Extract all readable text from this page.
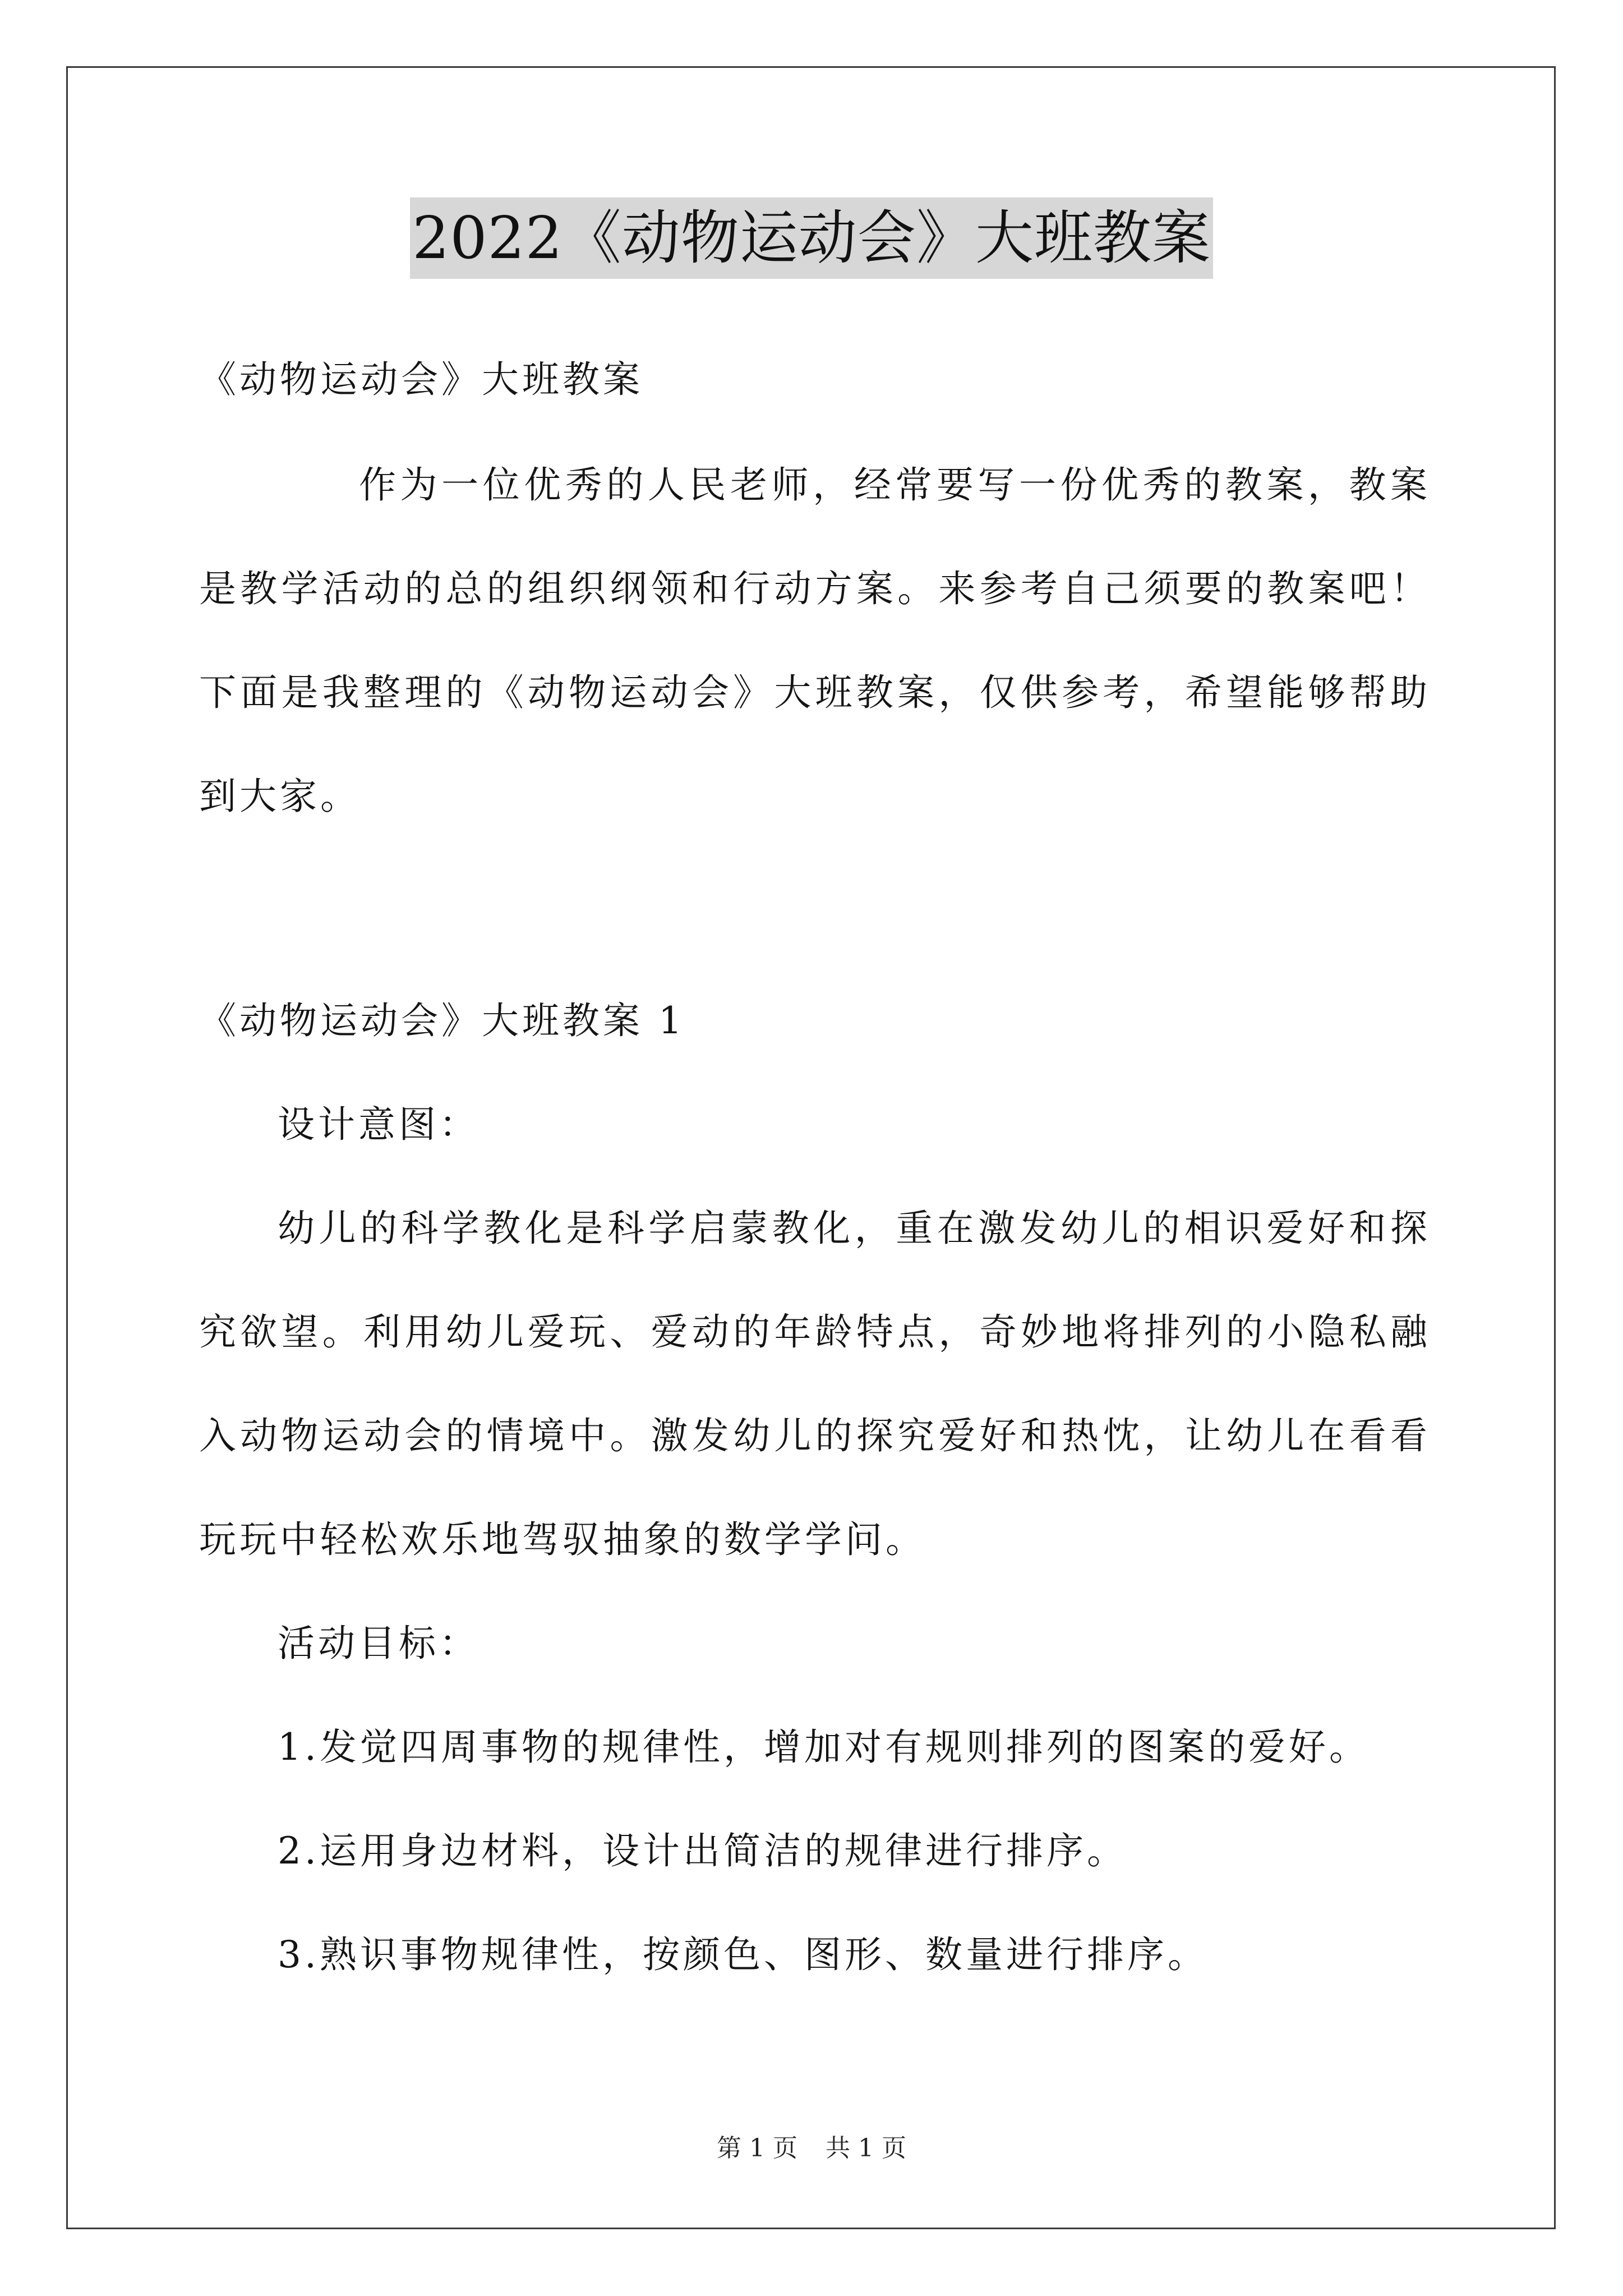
2022《动物运动会》大班教案
《动物运动会》大班教案
作为一位优秀的人民老师，经常要写一份优秀的教案，教案
是教学活动的总的组织纲领和行动方案。来参考自己须要的教案吧！
下面是我整理的《动物运动会》大班教案，仅供参考，希望能够帮助
到大家。
《动物运动会》大班教案 1
设计意图：
幼儿的科学教化是科学启蒙教化，重在激发幼儿的相识爱好和探
究欲望。利用幼儿爱玩、爱动的年龄特点，奇妙地将排列的小隐私融
入动物运动会的情境中。激发幼儿的探究爱好和热忱，让幼儿在看看
玩玩中轻松欢乐地驾驭抽象的数学学问。
活动目标：
1.发觉四周事物的规律性，增加对有规则排列的图案的爱好。
2.运用身边材料，设计出简洁的规律进行排序。
3.熟识事物规律性，按颜色、图形、数量进行排序。
第 1 页 共 1 页
